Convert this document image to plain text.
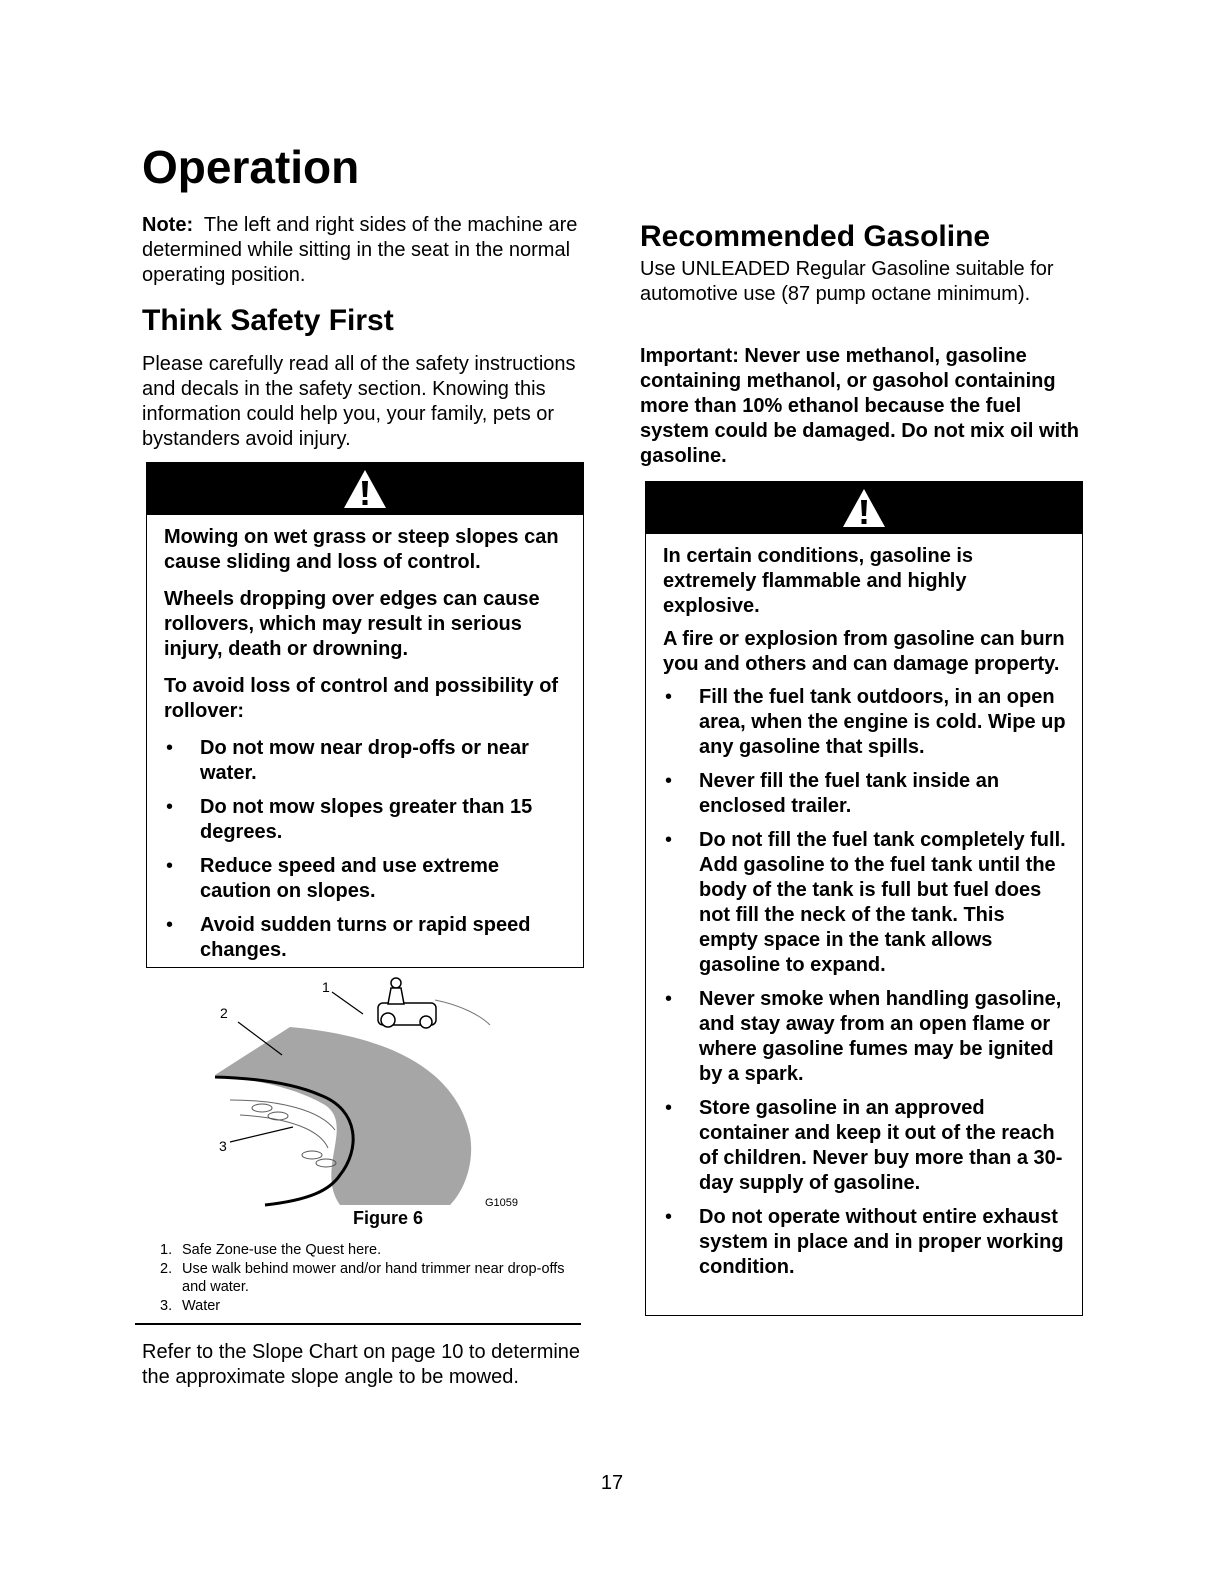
Operation

Note: The left and right sides of the machine are determined while sitting in the seat in the normal operating position.

Think Safety First

Please carefully read all of the safety instructions and decals in the safety section. Knowing this information could help you, your family, pets or bystanders avoid injury.

Mowing on wet grass or steep slopes can cause sliding and loss of control.

Wheels dropping over edges can cause rollovers, which may result in serious injury, death or drowning.

To avoid loss of control and possibility of rollover:

• Do not mow near drop-offs or near water.
• Do not mow slopes greater than 15 degrees.
• Reduce speed and use extreme caution on slopes.
• Avoid sudden turns or rapid speed changes.
1
2
3
G1059
Figure 6
1. Safe Zone-use the Quest here.
2. Use walk behind mower and/or hand trimmer near drop-offs and water.
3. Water

Refer to the Slope Chart on page 10 to determine the approximate slope angle to be mowed.

Recommended Gasoline

Use UNLEADED Regular Gasoline suitable for automotive use (87 pump octane minimum).

Important: Never use methanol, gasoline containing methanol, or gasohol containing more than 10% ethanol because the fuel system could be damaged. Do not mix oil with gasoline.

In certain conditions, gasoline is extremely flammable and highly explosive.

A fire or explosion from gasoline can burn you and others and can damage property.

• Fill the fuel tank outdoors, in an open area, when the engine is cold. Wipe up any gasoline that spills.
• Never fill the fuel tank inside an enclosed trailer.
• Do not fill the fuel tank completely full. Add gasoline to the fuel tank until the body of the tank is full but fuel does not fill the neck of the tank. This empty space in the tank allows gasoline to expand.
• Never smoke when handling gasoline, and stay away from an open flame or where gasoline fumes may be ignited by a spark.
• Store gasoline in an approved container and keep it out of the reach of children. Never buy more than a 30-day supply of gasoline.
• Do not operate without entire exhaust system in place and in proper working condition.
17
